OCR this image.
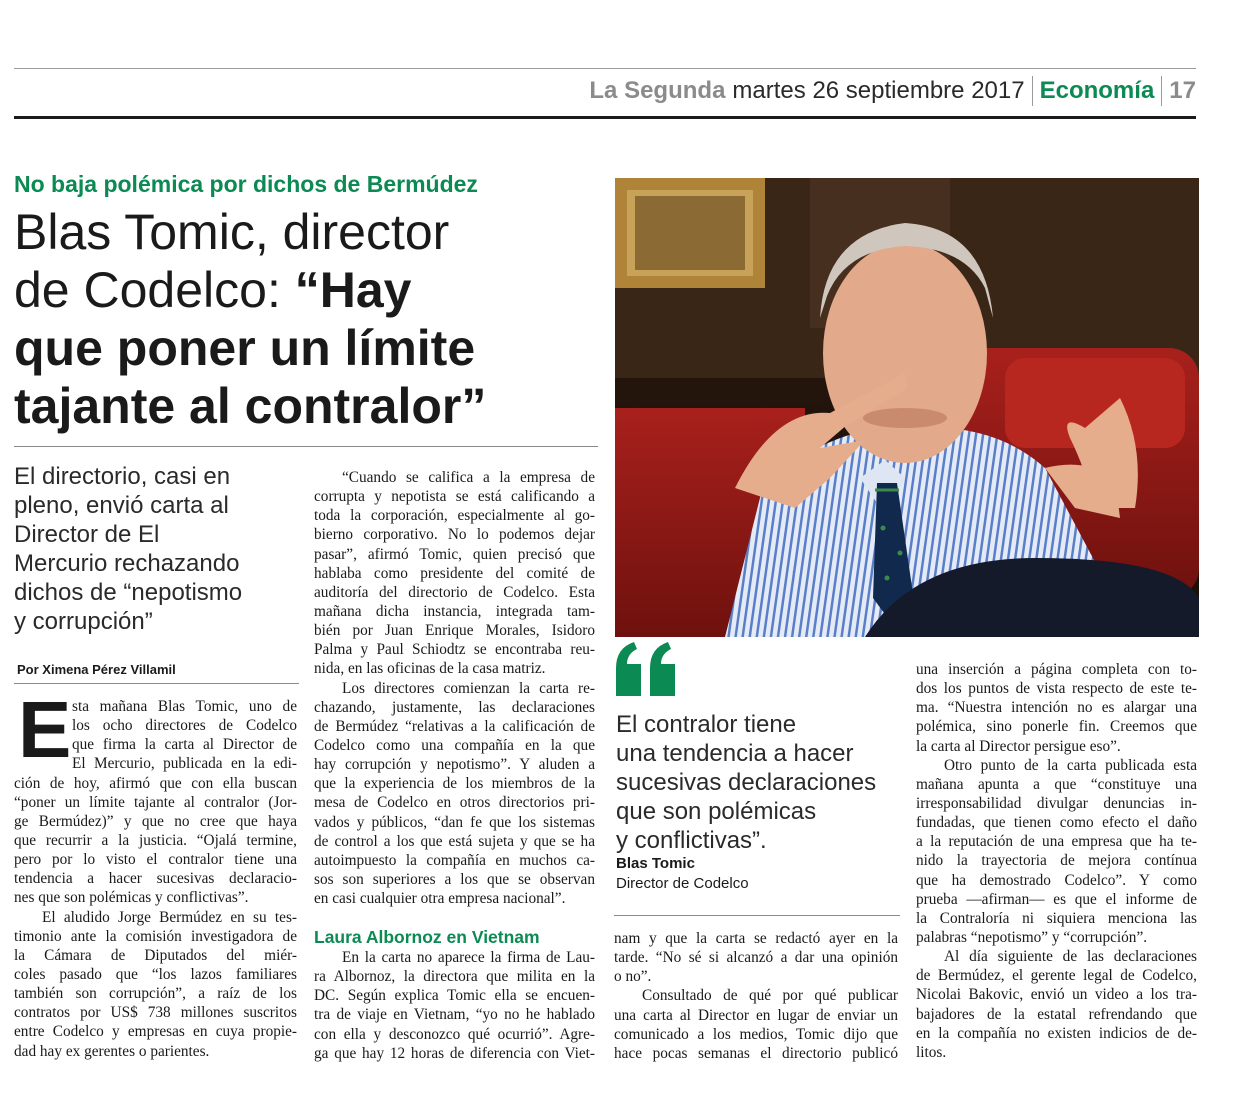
La Segunda martes 26 septiembre 2017 Economía 17
No baja polémica por dichos de Bermúdez
Blas Tomic, director
de Codelco: “Hay
que poner un límite
tajante al contralor”
El directorio, casi en
pleno, envió carta al
Director de El
Mercurio rechazando
dichos de “nepotismo
y corrupción”
Por Ximena Pérez Villamil
E sta mañana Blas Tomic, uno de
los ocho directores de Codelco
que firma la carta al Director de
El Mercurio, publicada en la edi-
ción de hoy, afirmó que con ella buscan
“poner un límite tajante al contralor (Jor-
ge Bermúdez)” y que no cree que haya
que recurrir a la justicia. “Ojalá termine,
pero por lo visto el contralor tiene una
tendencia a hacer sucesivas declaracio-
nes que son polémicas y conflictivas”.
El aludido Jorge Bermúdez en su tes-
timonio ante la comisión investigadora de
la Cámara de Diputados del miér-
coles pasado que “los lazos familiares
también son corrupción”, a raíz de los
contratos por US$ 738 millones suscritos
entre Codelco y empresas en cuya propie-
dad hay ex gerentes o parientes.
“Cuando se califica a la empresa de
corrupta y nepotista se está calificando a
toda la corporación, especialmente al go-
bierno corporativo. No lo podemos dejar
pasar”, afirmó Tomic, quien precisó que
hablaba como presidente del comité de
auditoría del directorio de Codelco. Esta
mañana dicha instancia, integrada tam-
bién por Juan Enrique Morales, Isidoro
Palma y Paul Schiodtz se encontraba reu-
nida, en las oficinas de la casa matriz.
Los directores comienzan la carta re-
chazando, justamente, las declaraciones
de Bermúdez “relativas a la calificación de
Codelco como una compañía en la que
hay corrupción y nepotismo”. Y aluden a
que la experiencia de los miembros de la
mesa de Codelco en otros directorios pri-
vados y públicos, “dan fe que los sistemas
de control a los que está sujeta y que se ha
autoimpuesto la compañía en muchos ca-
sos son superiores a los que se observan
en casi cualquier otra empresa nacional”.
Laura Albornoz en Vietnam
En la carta no aparece la firma de Lau-
ra Albornoz, la directora que milita en la
DC. Según explica Tomic ella se encuen-
tra de viaje en Vietnam, “yo no he hablado
con ella y desconozco qué ocurrió”. Agre-
ga que hay 12 horas de diferencia con Viet-
El contralor tiene
una tendencia a hacer
sucesivas declaraciones
que son polémicas
y conflictivas”.
Blas Tomic
Director de Codelco
nam y que la carta se redactó ayer en la
tarde. “No sé si alcanzó a dar una opinión
o no”.
Consultado de qué por qué publicar
una carta al Director en lugar de enviar un
comunicado a los medios, Tomic dijo que
hace pocas semanas el directorio publicó
una inserción a página completa con to-
dos los puntos de vista respecto de este te-
ma. “Nuestra intención no es alargar una
polémica, sino ponerle fin. Creemos que
la carta al Director persigue eso”.
Otro punto de la carta publicada esta
mañana apunta a que “constituye una
irresponsabilidad divulgar denuncias in-
fundadas, que tienen como efecto el daño
a la reputación de una empresa que ha te-
nido la trayectoria de mejora contínua
que ha demostrado Codelco”. Y como
prueba —afirman— es que el informe de
la Contraloría ni siquiera menciona las
palabras “nepotismo” y “corrupción”.
Al día siguiente de las declaraciones
de Bermúdez, el gerente legal de Codelco,
Nicolai Bakovic, envió un video a los tra-
bajadores de la estatal refrendando que
en la compañía no existen indicios de de-
litos.
